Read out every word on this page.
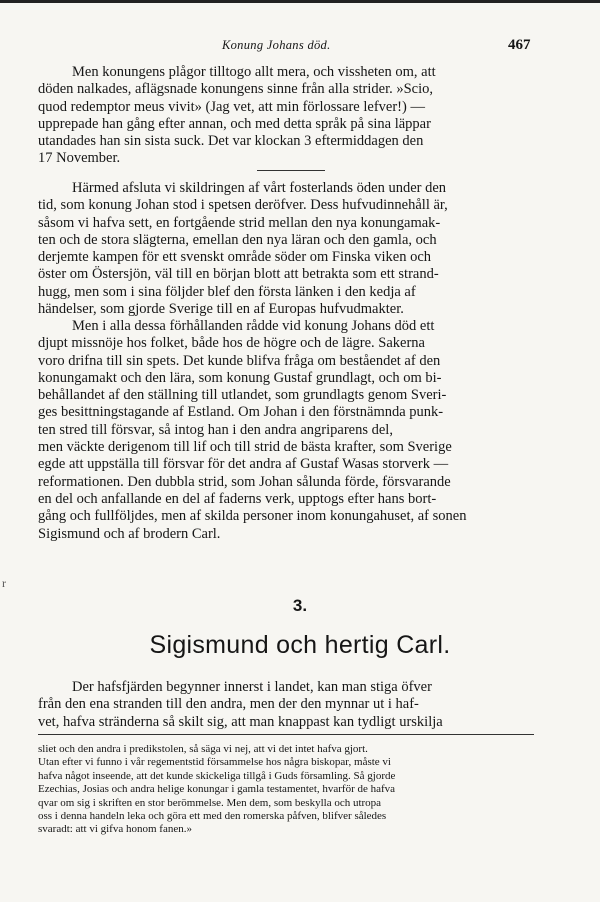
Konung Johans död.	467
Men konungens plågor tilltogo allt mera, och vissheten om, att
döden nalkades, aflägsnade konungens sinne från alla strider. »Scio,
quod redemptor meus vivit» (Jag vet, att min förlossare lefver!) —
upprepade han gång efter annan, och med detta språk på sina läppar
utandades han sin sista suck. Det var klockan 3 eftermiddagen den
17 November.
Härmed afsluta vi skildringen af vårt fosterlands öden under den
tid, som konung Johan stod i spetsen deröfver. Dess hufvudinnehåll är,
såsom vi hafva sett, en fortgående strid mellan den nya konungamak-
ten och de stora slägterna, emellan den nya läran och den gamla, och
derjemte kampen för ett svenskt område söder om Finska viken och
öster om Östersjön, väl till en början blott att betrakta som ett strand-
hugg, men som i sina följder blef den första länken i den kedja af
händelser, som gjorde Sverige till en af Europas hufvudmakter.
Men i alla dessa förhållanden rådde vid konung Johans död ett
djupt missnöje hos folket, både hos de högre och de lägre. Sakerna
voro drifna till sin spets. Det kunde blifva fråga om beståendet af den
konungamakt och den lära, som konung Gustaf grundlagt, och om bi-
behållandet af den ställning till utlandet, som grundlagts genom Sveri-
ges besittningstagande af Estland. Om Johan i den förstnämnda punk-
ten stred till försvar, så intog han i den andra angriparens del,
men väckte derigenom till lif och till strid de bästa krafter, som Sverige
egde att uppställa till försvar för det andra af Gustaf Wasas storverk —
reformationen. Den dubbla strid, som Johan sålunda förde, försvarande
en del och anfallande en del af faderns verk, upptogs efter hans bort-
gång och fullföljdes, men af skilda personer inom konungahuset, af sonen
Sigismund och af brodern Carl.
r
3.
Sigismund och hertig Carl.
Der hafsfjärden begynner innerst i landet, kan man stiga öfver
från den ena stranden till den andra, men der den mynnar ut i haf-
vet, hafva stränderna så skilt sig, att man knappast kan tydligt urskilja
sliet och den andra i predikstolen, så säga vi nej, att vi det intet hafva gjort.
Utan efter vi funno i vår regementstid försammelse hos några biskopar, måste vi
hafva något inseende, att det kunde skickeliga tillgå i Guds församling. Så gjorde
Ezechias, Josias och andra helige konungar i gamla testamentet, hvarför de hafva
qvar om sig i skriften en stor berömmelse. Men dem, som beskylla och utropa
oss i denna handeln leka och göra ett med den romerska påfven, blifver således
svaradt: att vi gifva honom fanen.»
